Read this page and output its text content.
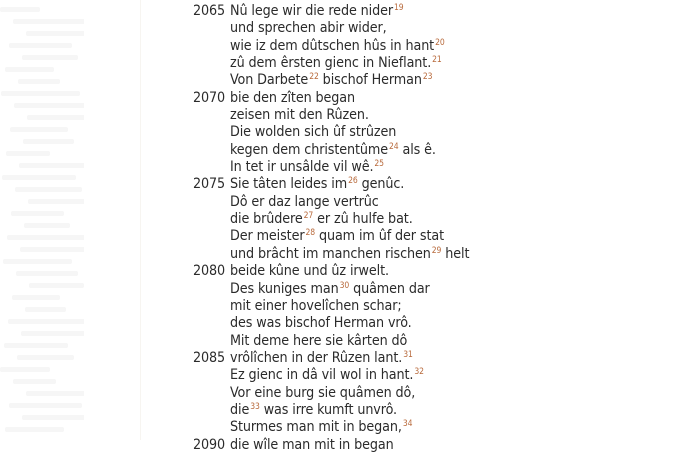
2065 Nû lege wir die rede nider$^{19}$
und sprechen abir wider,
wie iz dem dûtschen hûs in hant$^{20}$
zû dem êrsten gienc in Nieflant.$^{21}$
Von Darbete$^{22}$ bischof Herman$^{23}$
2070 bie den zîten began
zeisen mit den Rûzen.
Die wolden sich ûf strûzen
kegen dem christentûme$^{24}$ als ê.
In tet ir unsâlde vil wê.$^{25}$
2075 Sie tâten leides im$^{26}$ genûc.
Dô er daz lange vertrûc
die brûdere$^{27}$ er zû hulfe bat.
Der meister$^{28}$ quam im ûf der stat
und brâcht im manchen rischen$^{29}$ helt
2080 beide kûne und ûz irwelt.
Des kuniges man$^{30}$ quâmen dar
mit einer hovelîchen schar;
des was bischof Herman vrô.
Mit deme here sie kârten dô
2085 vrôlîchen in der Rûzen lant.$^{31}$
Ez gienc in dâ vil wol in hant.$^{32}$
Vor eine burg sie quâmen dô,
die$^{33}$ was irre kumft unvrô.
Sturmes man mit in began,$^{34}$
2090 die wîle man mit in began
